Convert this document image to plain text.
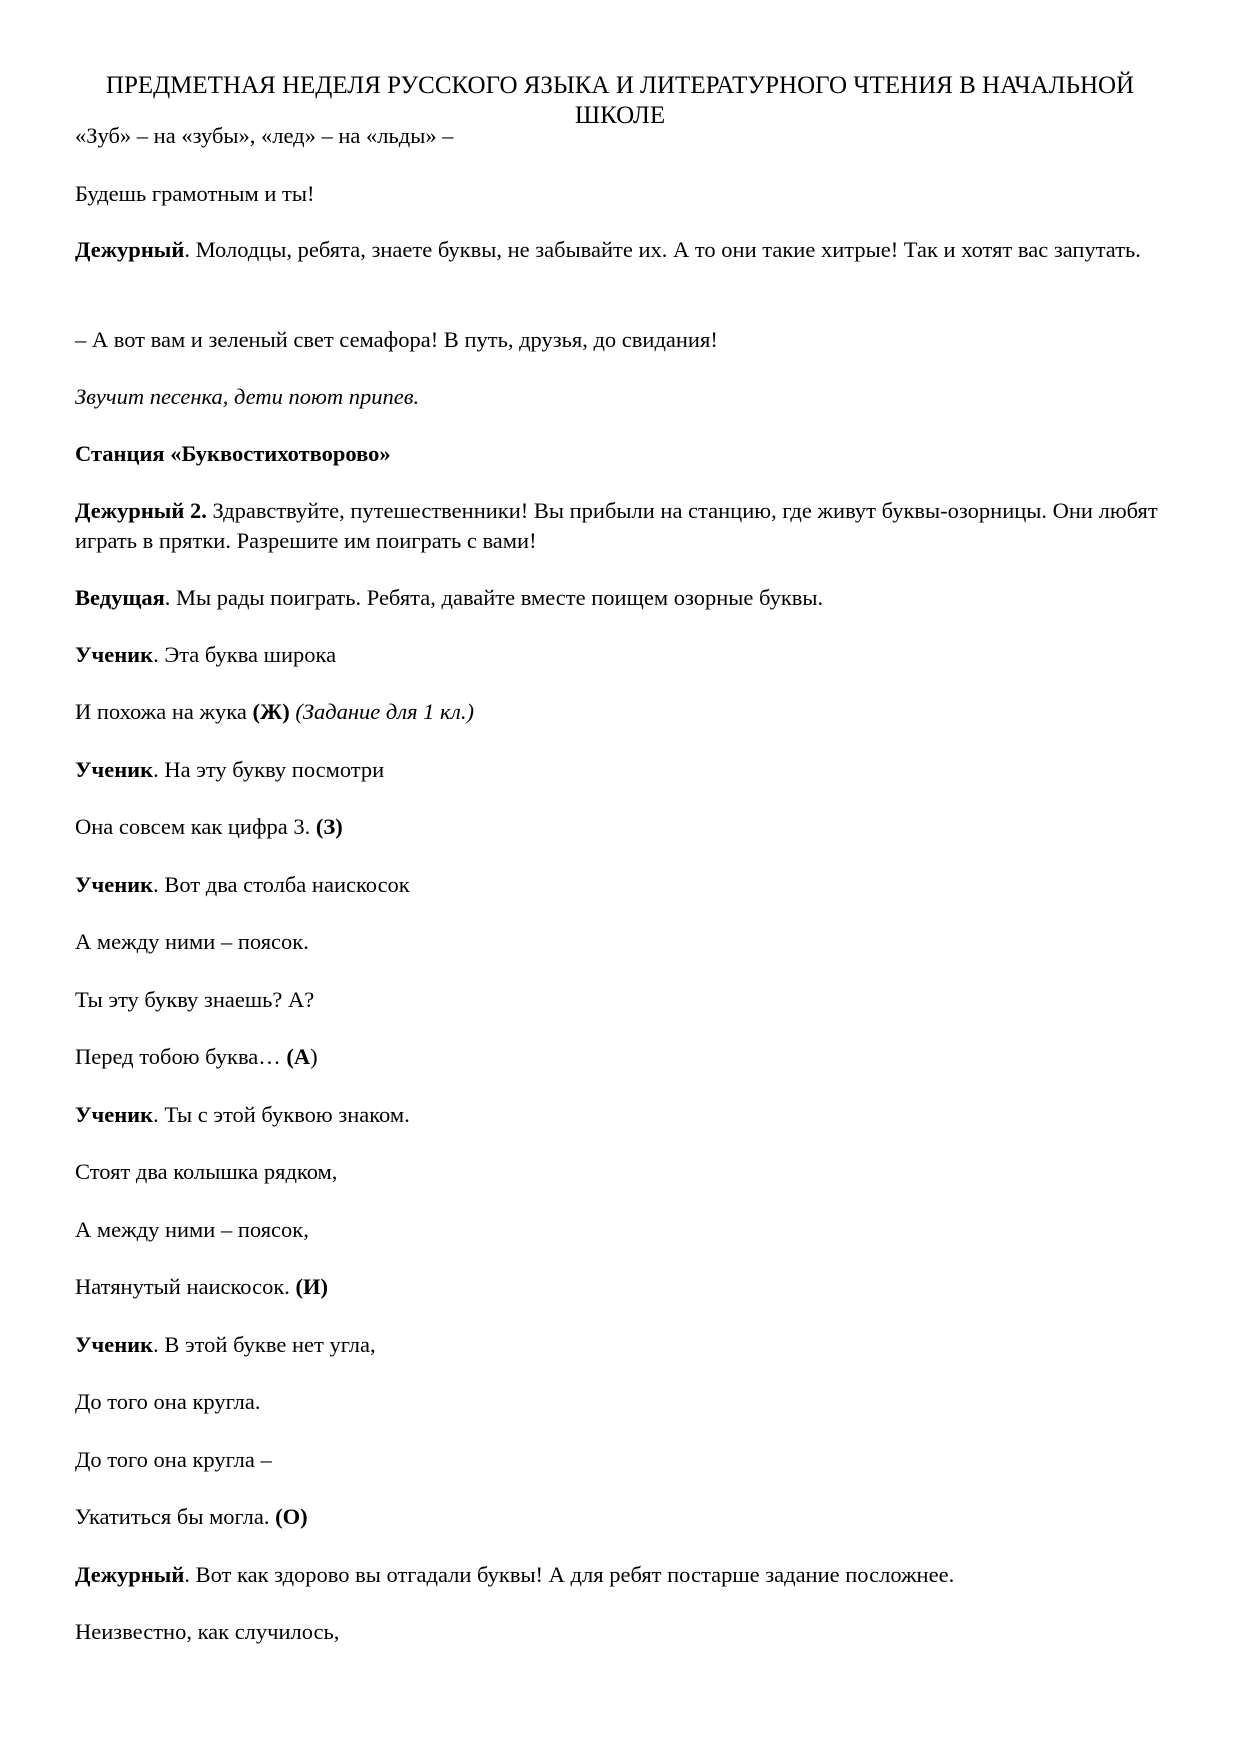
ПРЕДМЕТНАЯ НЕДЕЛЯ РУССКОГО ЯЗЫКА И ЛИТЕРАТУРНОГО ЧТЕНИЯ В НАЧАЛЬНОЙ ШКОЛЕ
«Зуб» – на «зубы», «лед» – на «льды» –
Будешь грамотным и ты!
Дежурный. Молодцы, ребята, знаете буквы, не забывайте их. А то они такие хитрые! Так и хотят вас запутать.
– А вот вам и зеленый свет семафора! В путь, друзья, до свидания!
Звучит песенка, дети поют припев.
Станция «Буквостихотворово»
Дежурный 2. Здравствуйте, путешественники! Вы прибыли на станцию, где живут буквы-озорницы. Они любят играть в прятки. Разрешите им поиграть с вами!
Ведущая. Мы рады поиграть. Ребята, давайте вместе поищем озорные буквы.
Ученик. Эта буква широка
И похожа на жука (Ж) (Задание для 1 кл.)
Ученик. На эту букву посмотри
Она совсем как цифра 3. (З)
Ученик. Вот два столба наискосок
А между ними – поясок.
Ты эту букву знаешь? А?
Перед тобою буква… (А)
Ученик. Ты с этой буквою знаком.
Стоят два колышка рядком,
А между ними – поясок,
Натянутый наискосок. (И)
Ученик. В этой букве нет угла,
До того она кругла.
До того она кругла –
Укатиться бы могла. (О)
Дежурный. Вот как здорово вы отгадали буквы! А для ребят постарше задание посложнее.
Неизвестно, как случилось,
